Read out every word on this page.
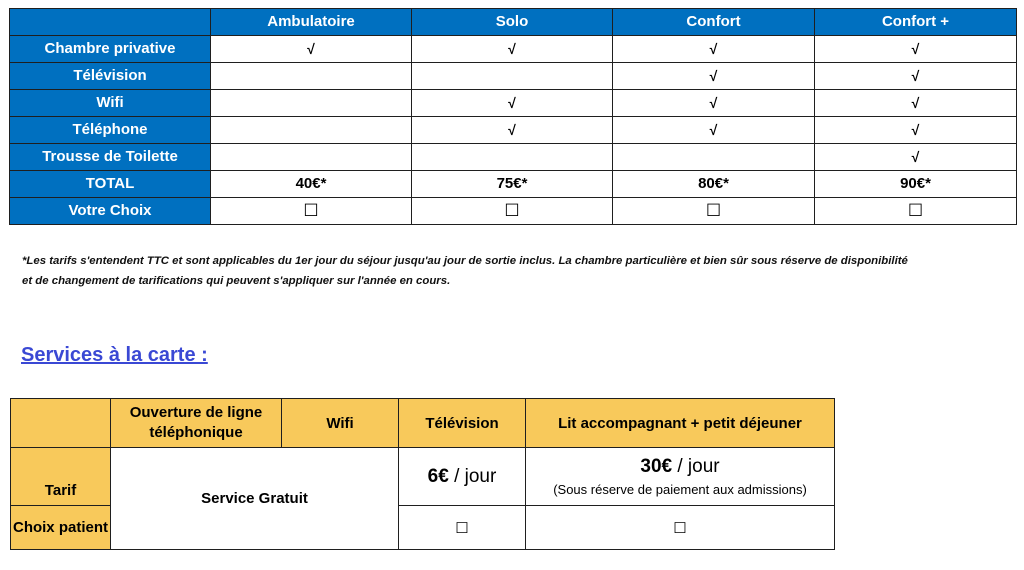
	Ambulatoire	Solo	Confort	Confort +
Chambre privative	√	√	√	√
Télévision			√	√
Wifi		√	√	√
Téléphone		√	√	√
Trousse de Toilette				√
TOTAL	40€*	75€*	80€*	90€*
Votre Choix	☐	☐	☐	☐
*Les tarifs s'entendent TTC et sont applicables du 1er jour du séjour jusqu'au jour de sortie inclus. La chambre particulière et bien sûr sous réserve de disponibilité
et de changement de tarifications qui peuvent s'appliquer sur l'année en cours.
Services à la carte :
	Ouverture de ligne téléphonique	Wifi	Télévision	Lit accompagnant + petit déjeuner
Tarif	Service Gratuit		6€ / jour	30€ / jour
(Sous réserve de paiement aux admissions)

Choix patient			☐	☐
